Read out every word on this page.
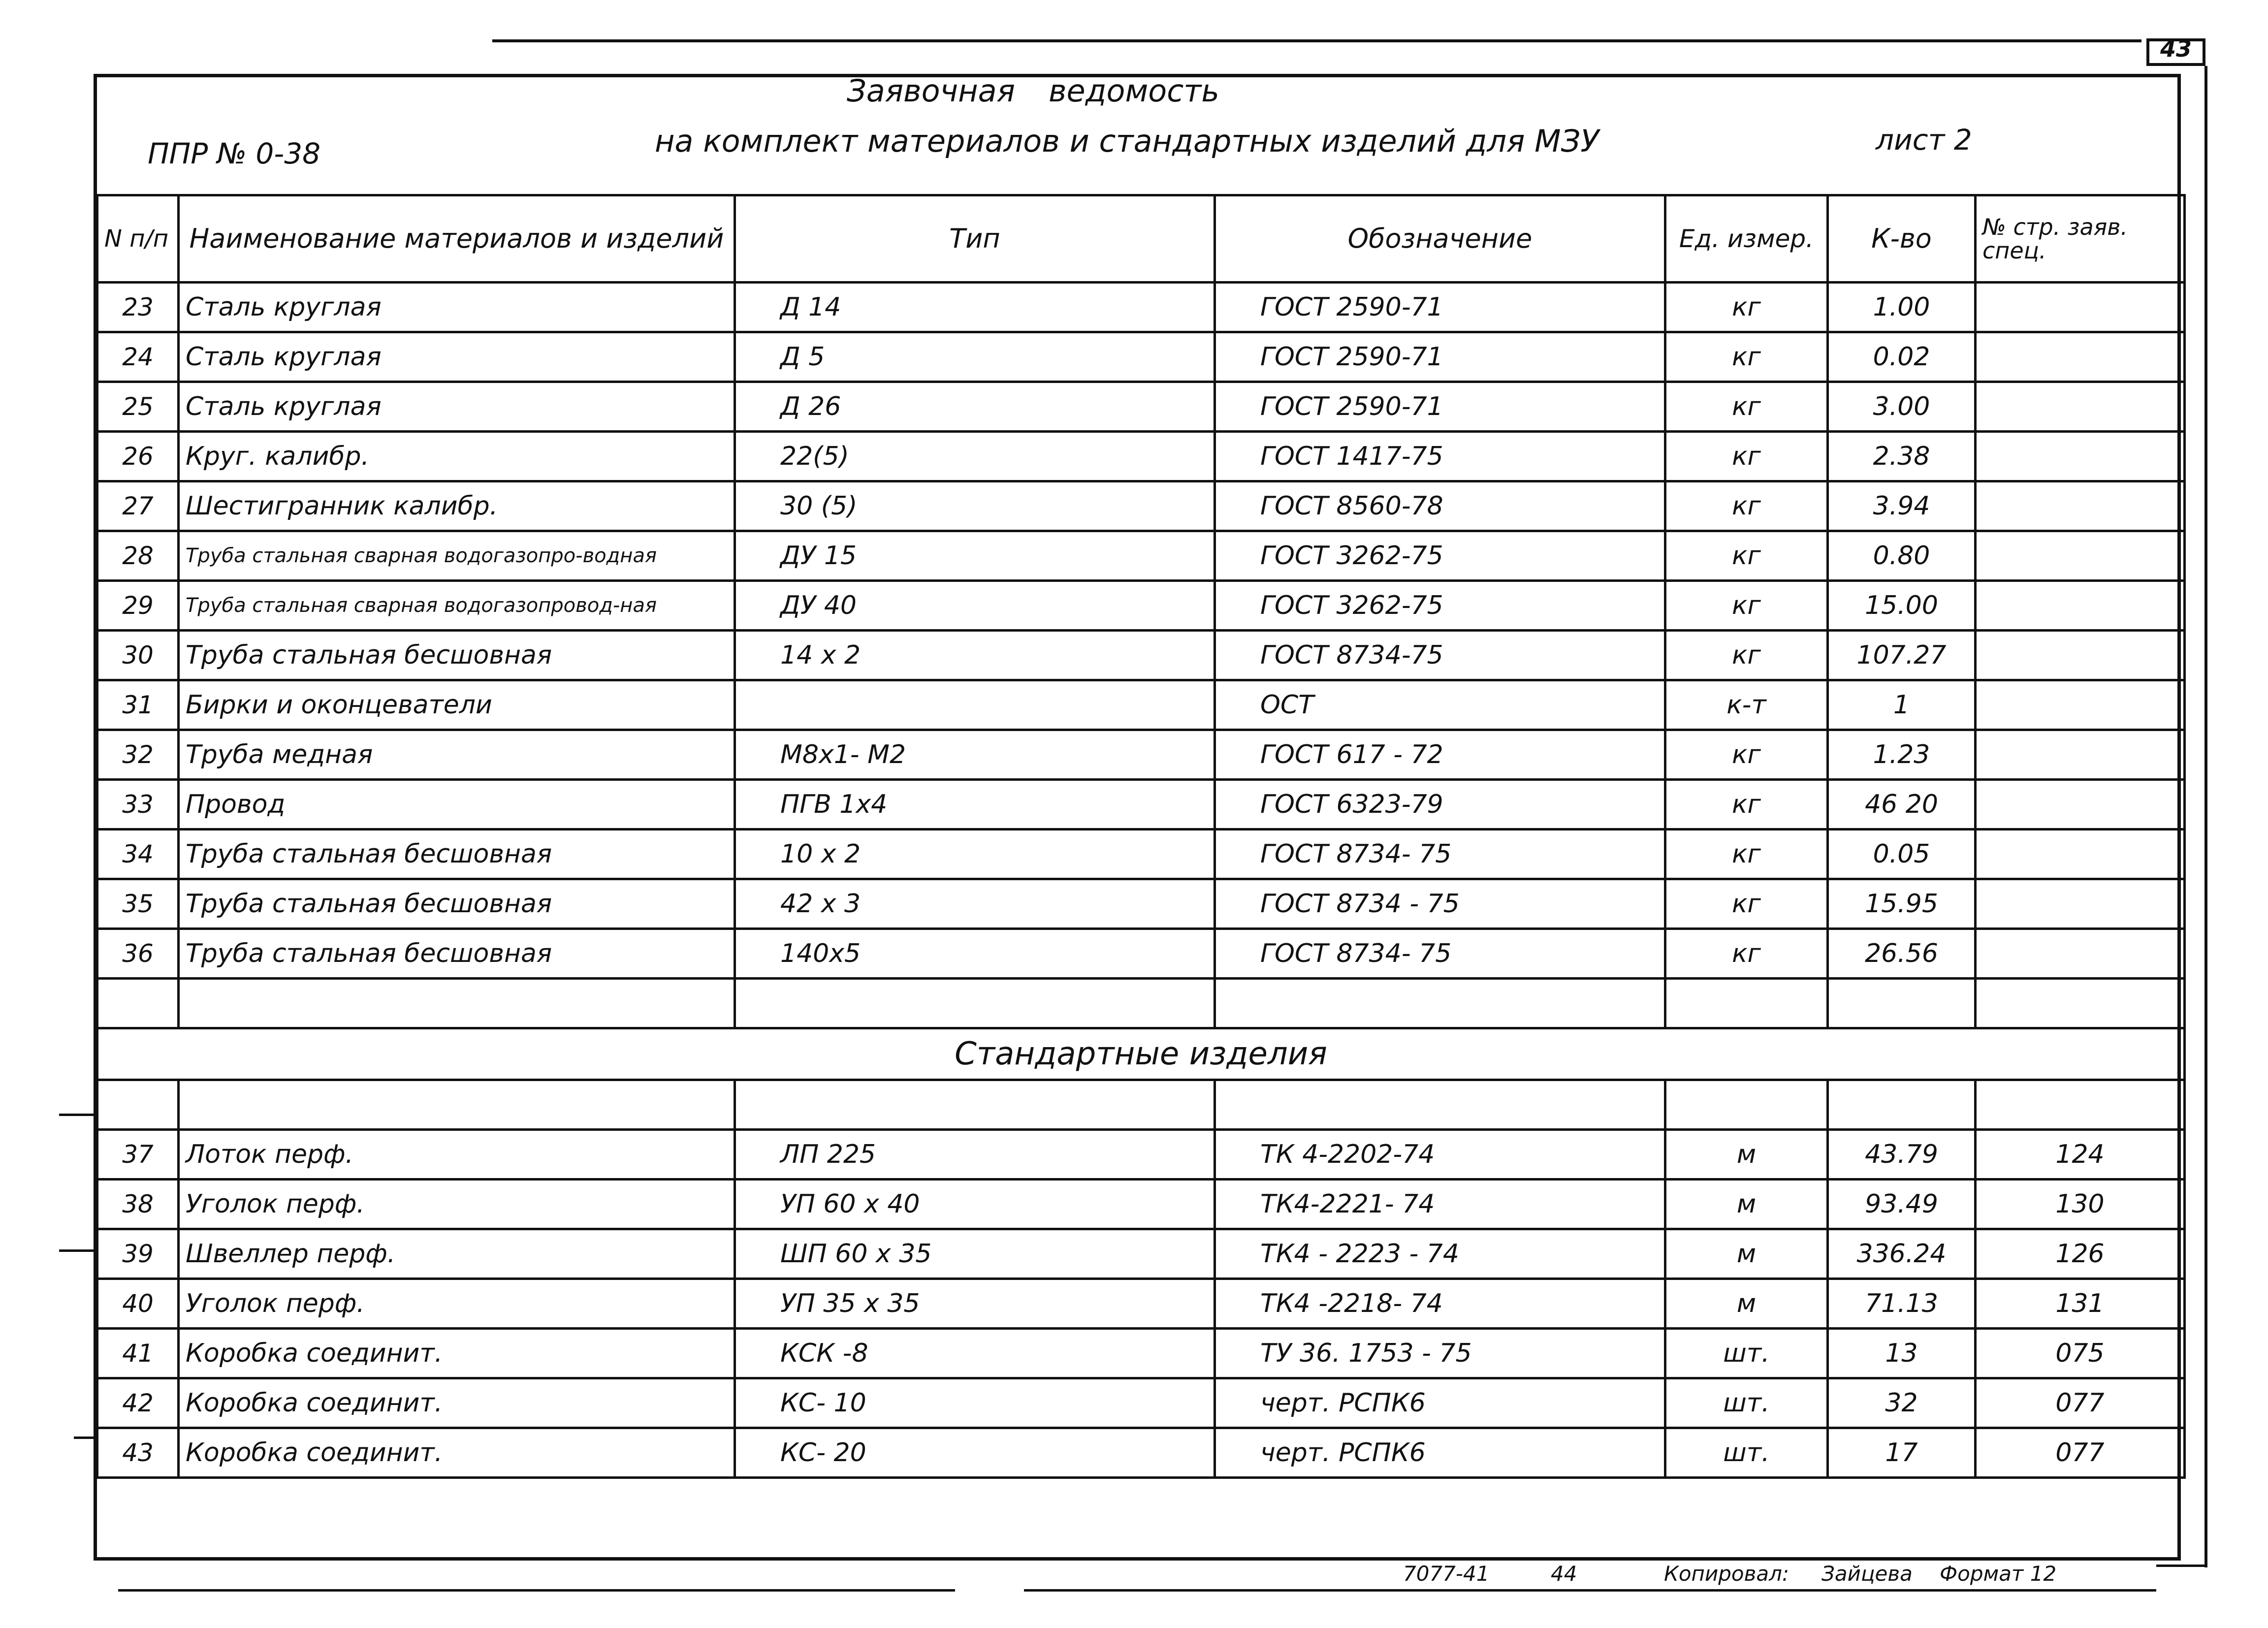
43
Заявочная ведомость
ППР № 0-38	на комплект материалов и стандартных изделий для МЗУ	лист 2
N п/п	Наименование материалов и изделий	Тип	Обозначение	Ед. измер.	К-во	№ стр. заяв. спец.
23	Сталь круглая	Д 14	ГОСТ 2590-71	кг	1.00	
24	Сталь круглая	Д 5	ГОСТ 2590-71	кг	0.02	
25	Сталь круглая	Д 26	ГОСТ 2590-71	кг	3.00	
26	Круг. калибр.	22(5)	ГОСТ 1417-75	кг	2.38	
27	Шестигранник калибр.	30 (5)	ГОСТ 8560-78	кг	3.94	
28	Труба стальная сварная водогазопро-водная	ДУ 15	ГОСТ 3262-75	кг	0.80	
29	Труба стальная сварная водогазопровод-ная	ДУ 40	ГОСТ 3262-75	кг	15.00	
30	Труба стальная бесшовная	14 х 2	ГОСТ 8734-75	кг	107.27	
31	Бирки и оконцеватели		ОСТ	к-т	1	
32	Труба медная	М8х1- М2	ГОСТ 617 - 72	кг	1.23	
33	Провод	ПГВ 1х4	ГОСТ 6323-79	кг	46 20	
34	Труба стальная бесшовная	10 х 2	ГОСТ 8734- 75	кг	0.05	
35	Труба стальная бесшовная	42 х 3	ГОСТ 8734 - 75	кг	15.95	
36	Труба стальная бесшовная	140х5	ГОСТ 8734- 75	кг	26.56	

Стандартные изделия						

37	Лоток перф.	ЛП 225	ТК 4-2202-74	м	43.79	124
38	Уголок перф.	УП 60 х 40	ТК4-2221- 74	м	93.49	130
39	Швеллер перф.	ШП 60 х 35	ТК4 - 2223 - 74	м	336.24	126
40	Уголок перф.	УП 35 х 35	ТК4 -2218- 74	м	71.13	131
41	Коробка соединит.	КСК -8	ТУ 36. 1753 - 75	шт.	13	075
42	Коробка соединит.	КС- 10	черт. РСПК6	шт.	32	077
43	Коробка соединит.	КС- 20	черт. РСПК6	шт.	17	077
7077-41	44	Копировал: Зайцева Формат 12
